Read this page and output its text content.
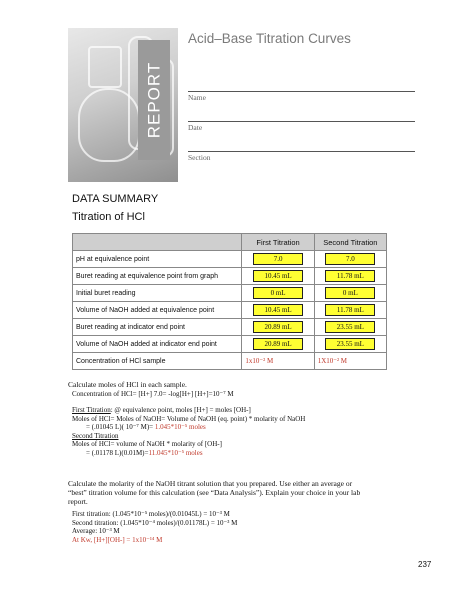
REPORT
Acid–Base Titration Curves
Name
Date
Section
DATA SUMMARY
Titration of HCl
	First Titration	Second Titration
pH at equivalence point	7.0	7.0
Buret reading at equivalence point from graph	10.45 mL	11.78 mL
Initial buret reading	0 mL	0 mL
Volume of NaOH added at equivalence point	10.45 mL	11.78 mL
Buret reading at indicator end point	20.89 mL	23.55 mL
Volume of NaOH added at indicator end point	20.89 mL	23.55 mL
Concentration of HCl sample	1x10⁻² M	1X10⁻² M
Calculate moles of HCl in each sample.
Concentration of HCl= [H+] 7.0= -log[H+] [H+]=10⁻⁷ M
First Titration: @ equivalence point, moles [H+] = moles [OH-]
Moles of HCl= Moles of NaOH= Volume of NaOH (eq. point) * molarity of NaOH
= (.01045 L)( 10⁻⁷ M)= 1.045*10⁻⁵ moles
Second Titration
Moles of HCl= volume of NaOH * molarity of [OH-]
= (.01178 L)(0.01M)=11.045*10⁻⁵ moles
Calculate the molarity of the NaOH titrant solution that you prepared. Use either an average or “best” titration volume for this calculation (see “Data Analysis”). Explain your choice in your lab report.
First titration: (1.045*10⁻⁵ moles)/(0.01045L) = 10⁻³ M
Second titration: (1.045*10⁻⁴ moles)/(0.01178L) = 10⁻³ M
Average: 10⁻³ M
At Kw, [H+][OH-] = 1x10⁻¹⁴ M
237
